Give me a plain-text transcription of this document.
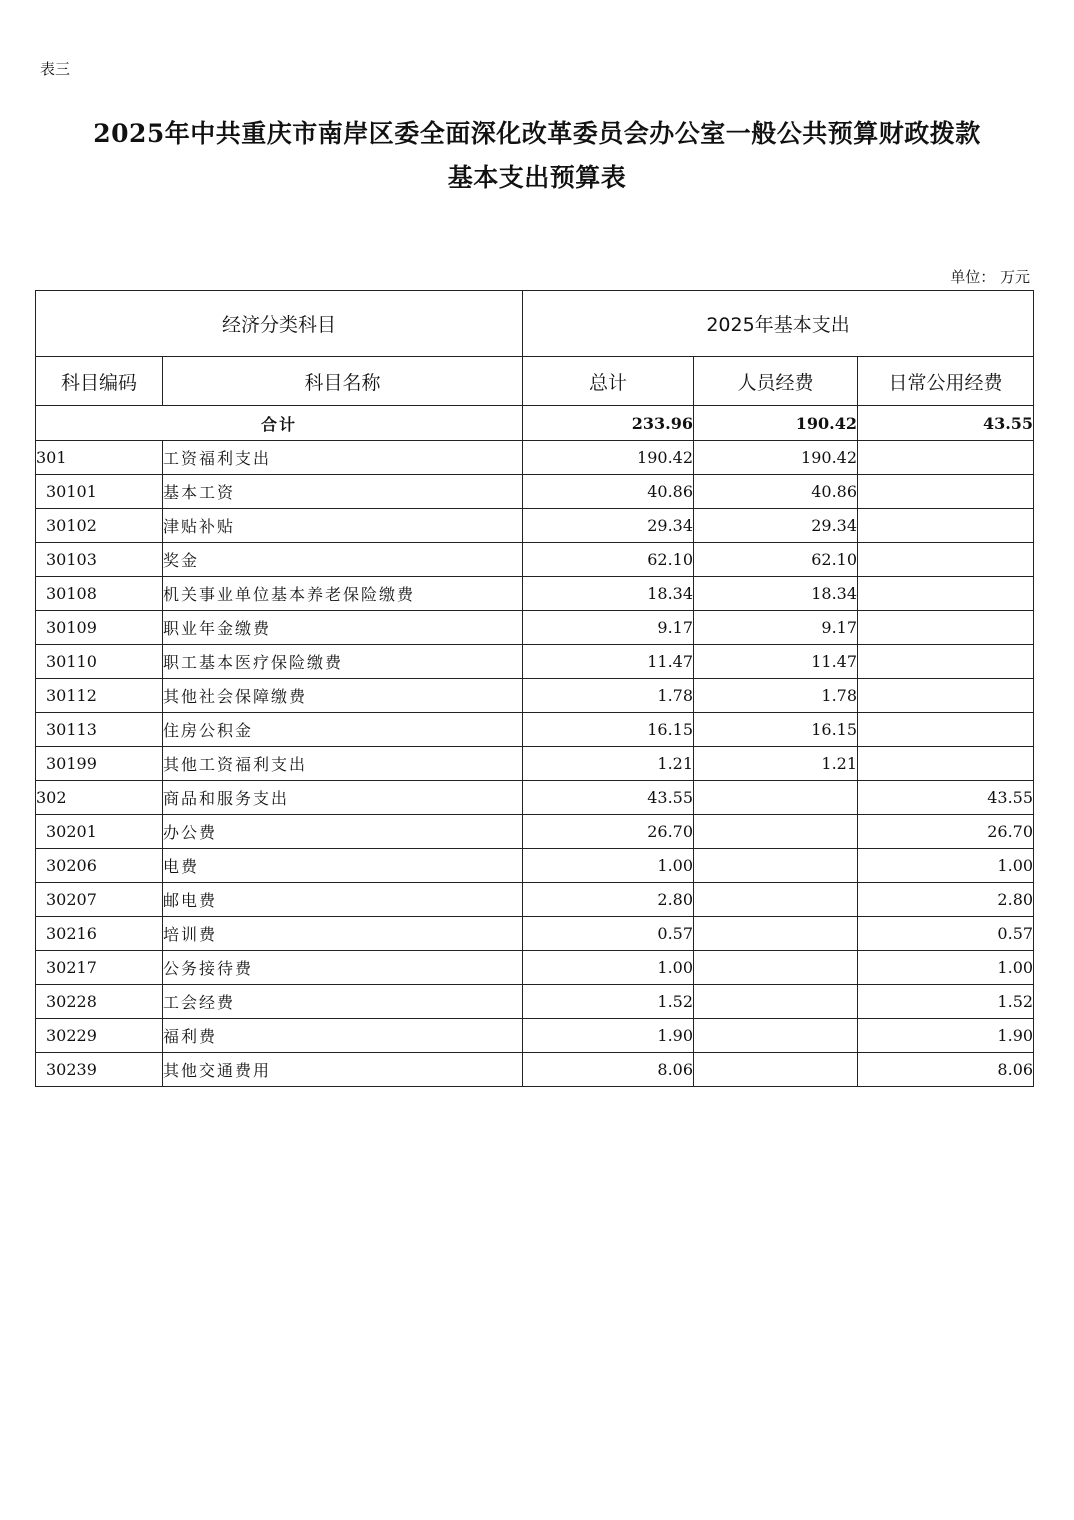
表三
2025年中共重庆市南岸区委全面深化改革委员会办公室一般公共预算财政拨款
基本支出预算表
单位： 万元
经济分类科目		2025年基本支出		
科目编码	科目名称	总计	人员经费	日常公用经费
合计		233.96	190.42	43.55
301	工资福利支出	190.42	190.42	
30101	基本工资	40.86	40.86	
30102	津贴补贴	29.34	29.34	
30103	奖金	62.10	62.10	
30108	机关事业单位基本养老保险缴费	18.34	18.34	
30109	职业年金缴费	9.17	9.17	
30110	职工基本医疗保险缴费	11.47	11.47	
30112	其他社会保障缴费	1.78	1.78	
30113	住房公积金	16.15	16.15	
30199	其他工资福利支出	1.21	1.21	
302	商品和服务支出	43.55		43.55
30201	办公费	26.70		26.70
30206	电费	1.00		1.00
30207	邮电费	2.80		2.80
30216	培训费	0.57		0.57
30217	公务接待费	1.00		1.00
30228	工会经费	1.52		1.52
30229	福利费	1.90		1.90
30239	其他交通费用	8.06		8.06
